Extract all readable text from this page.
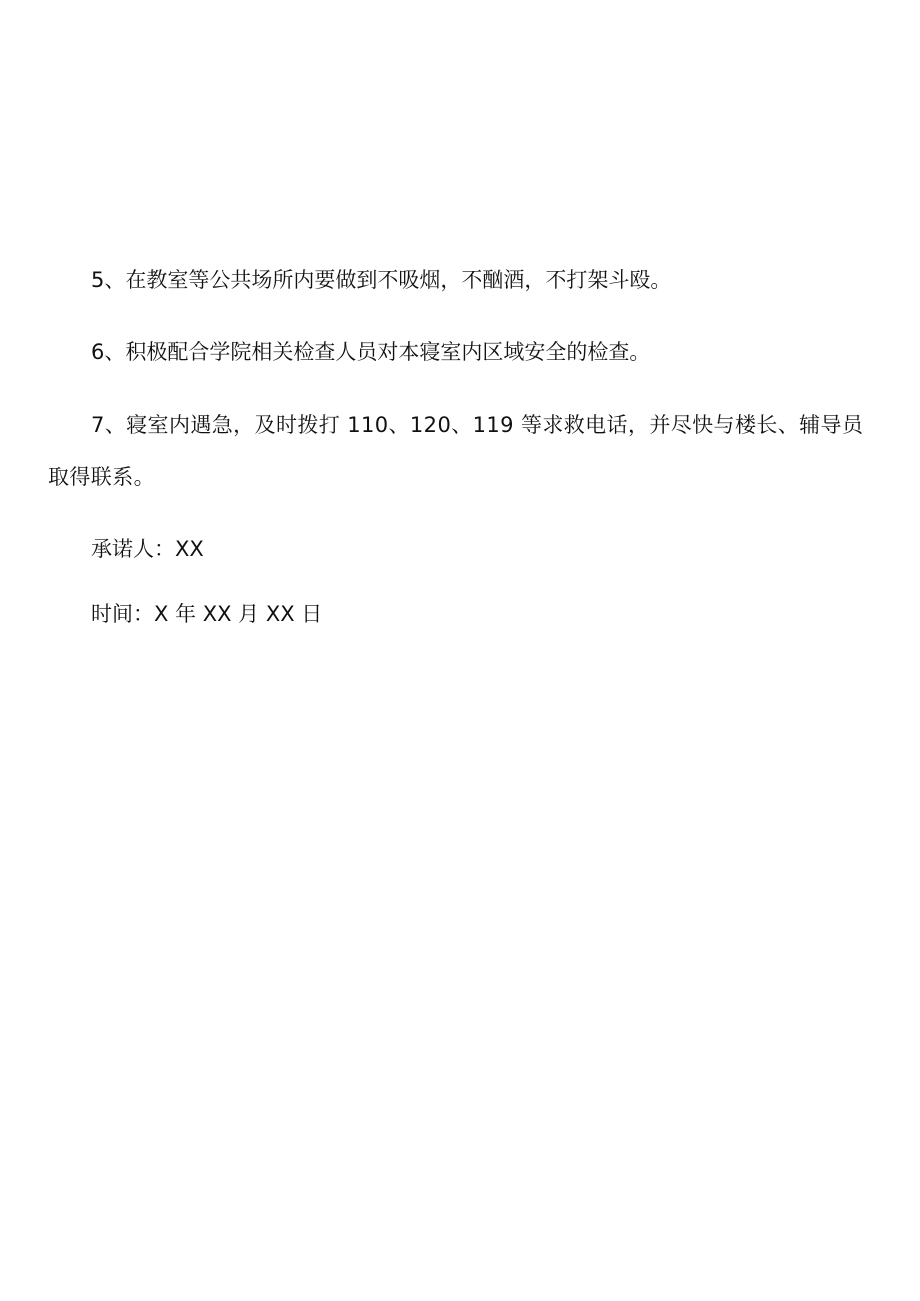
5、在教室等公共场所内要做到不吸烟，不酗酒，不打架斗殴。

6、积极配合学院相关检查人员对本寝室内区域安全的检查。

7、寝室内遇急，及时拨打 110、120、119 等求救电话，并尽快与楼长、辅导员取得联系。

承诺人：XX

时间：X 年 XX 月 XX 日
